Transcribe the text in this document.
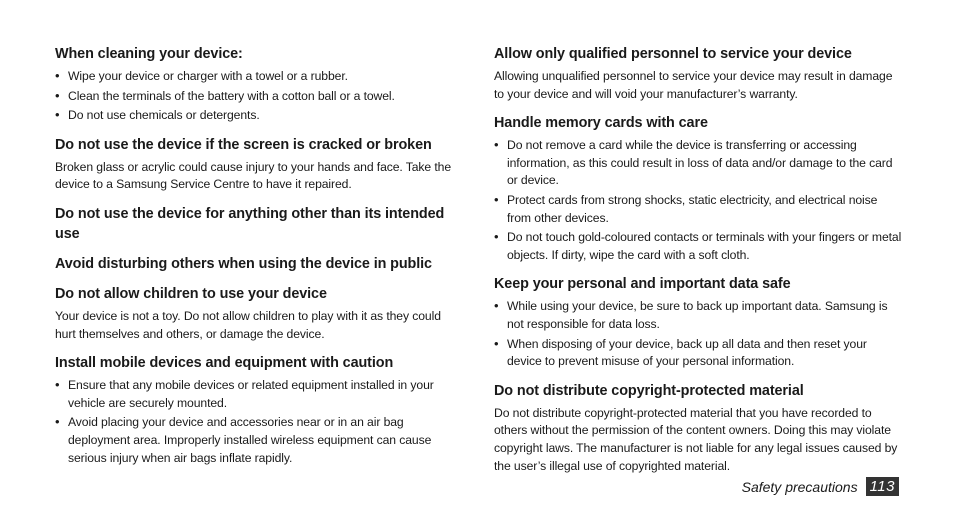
When cleaning your device:
• Wipe your device or charger with a towel or a rubber.
• Clean the terminals of the battery with a cotton ball or a towel.
• Do not use chemicals or detergents.
Do not use the device if the screen is cracked or broken

Broken glass or acrylic could cause injury to your hands and face. Take the device to a Samsung Service Centre to have it repaired.

Do not use the device for anything other than its intended use
Avoid disturbing others when using the device in public
Do not allow children to use your device

Your device is not a toy. Do not allow children to play with it as they could hurt themselves and others, or damage the device.

Install mobile devices and equipment with caution
• Ensure that any mobile devices or related equipment installed in your vehicle are securely mounted.
• Avoid placing your device and accessories near or in an air bag deployment area. Improperly installed wireless equipment can cause serious injury when air bags inflate rapidly.
Allow only qualified personnel to service your device

Allowing unqualified personnel to service your device may result in damage to your device and will void your manufacturer’s warranty.

Handle memory cards with care
• Do not remove a card while the device is transferring or accessing information, as this could result in loss of data and/or damage to the card or device.
• Protect cards from strong shocks, static electricity, and electrical noise from other devices.
• Do not touch gold-coloured contacts or terminals with your fingers or metal objects. If dirty, wipe the card with a soft cloth.
Keep your personal and important data safe
• While using your device, be sure to back up important data. Samsung is not responsible for data loss.
• When disposing of your device, back up all data and then reset your device to prevent misuse of your personal information.
Do not distribute copyright-protected material

Do not distribute copyright-protected material that you have recorded to others without the permission of the content owners. Doing this may violate copyright laws. The manufacturer is not liable for any legal issues caused by the user’s illegal use of copyrighted material.

Safety precautions 113
